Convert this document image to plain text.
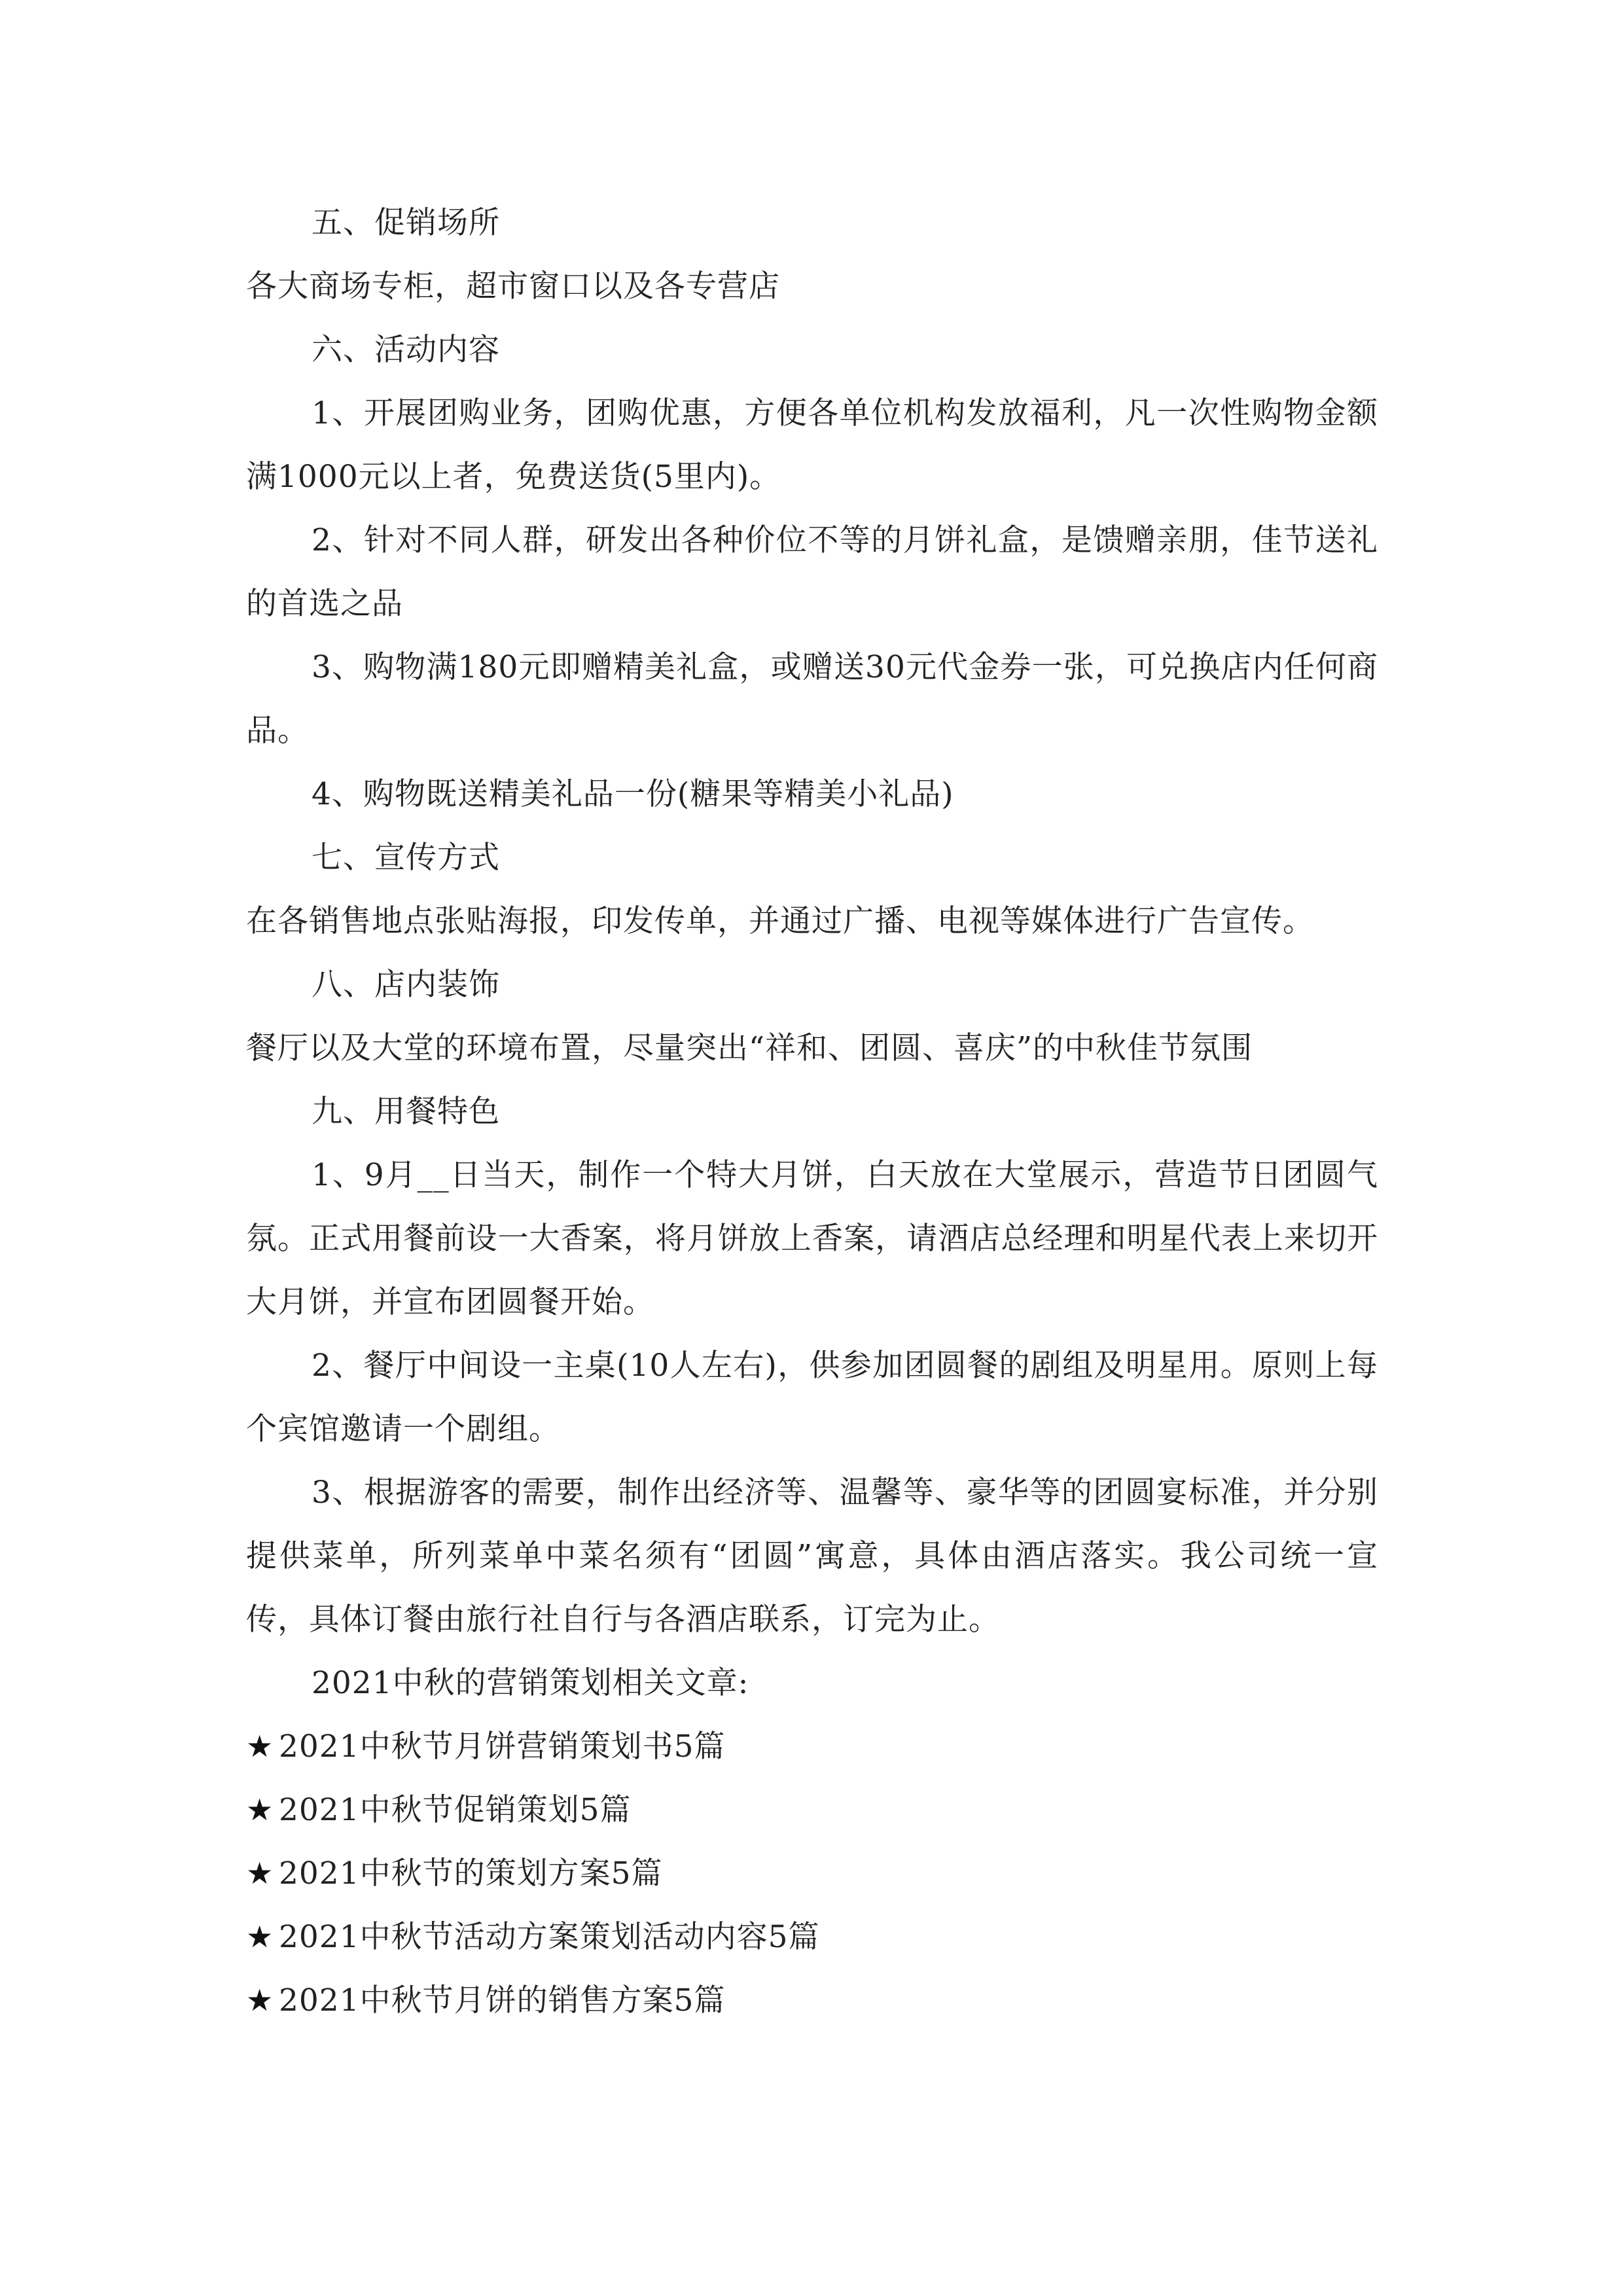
五、促销场所

各大商场专柜，超市窗口以及各专营店

六、活动内容

1、开展团购业务，团购优惠，方便各单位机构发放福利，凡一次性购物金额满1000元以上者，免费送货(5里内)。

2、针对不同人群，研发出各种价位不等的月饼礼盒，是馈赠亲朋，佳节送礼的首选之品

3、购物满180元即赠精美礼盒，或赠送30元代金券一张，可兑换店内任何商品。

4、购物既送精美礼品一份(糖果等精美小礼品)

七、宣传方式

在各销售地点张贴海报，印发传单，并通过广播、电视等媒体进行广告宣传。

八、店内装饰

餐厅以及大堂的环境布置，尽量突出“祥和、团圆、喜庆”的中秋佳节氛围

九、用餐特色

1、9月__日当天，制作一个特大月饼，白天放在大堂展示，营造节日团圆气氛。正式用餐前设一大香案，将月饼放上香案，请酒店总经理和明星代表上来切开大月饼，并宣布团圆餐开始。

2、餐厅中间设一主桌(10人左右)，供参加团圆餐的剧组及明星用。原则上每个宾馆邀请一个剧组。

3、根据游客的需要，制作出经济等、温馨等、豪华等的团圆宴标准，并分别提供菜单，所列菜单中菜名须有“团圆”寓意，具体由酒店落实。我公司统一宣传，具体订餐由旅行社自行与各酒店联系，订完为止。

2021中秋的营销策划相关文章:

★ 2021中秋节月饼营销策划书5篇

★ 2021中秋节促销策划5篇

★ 2021中秋节的策划方案5篇

★ 2021中秋节活动方案策划活动内容5篇

★ 2021中秋节月饼的销售方案5篇
